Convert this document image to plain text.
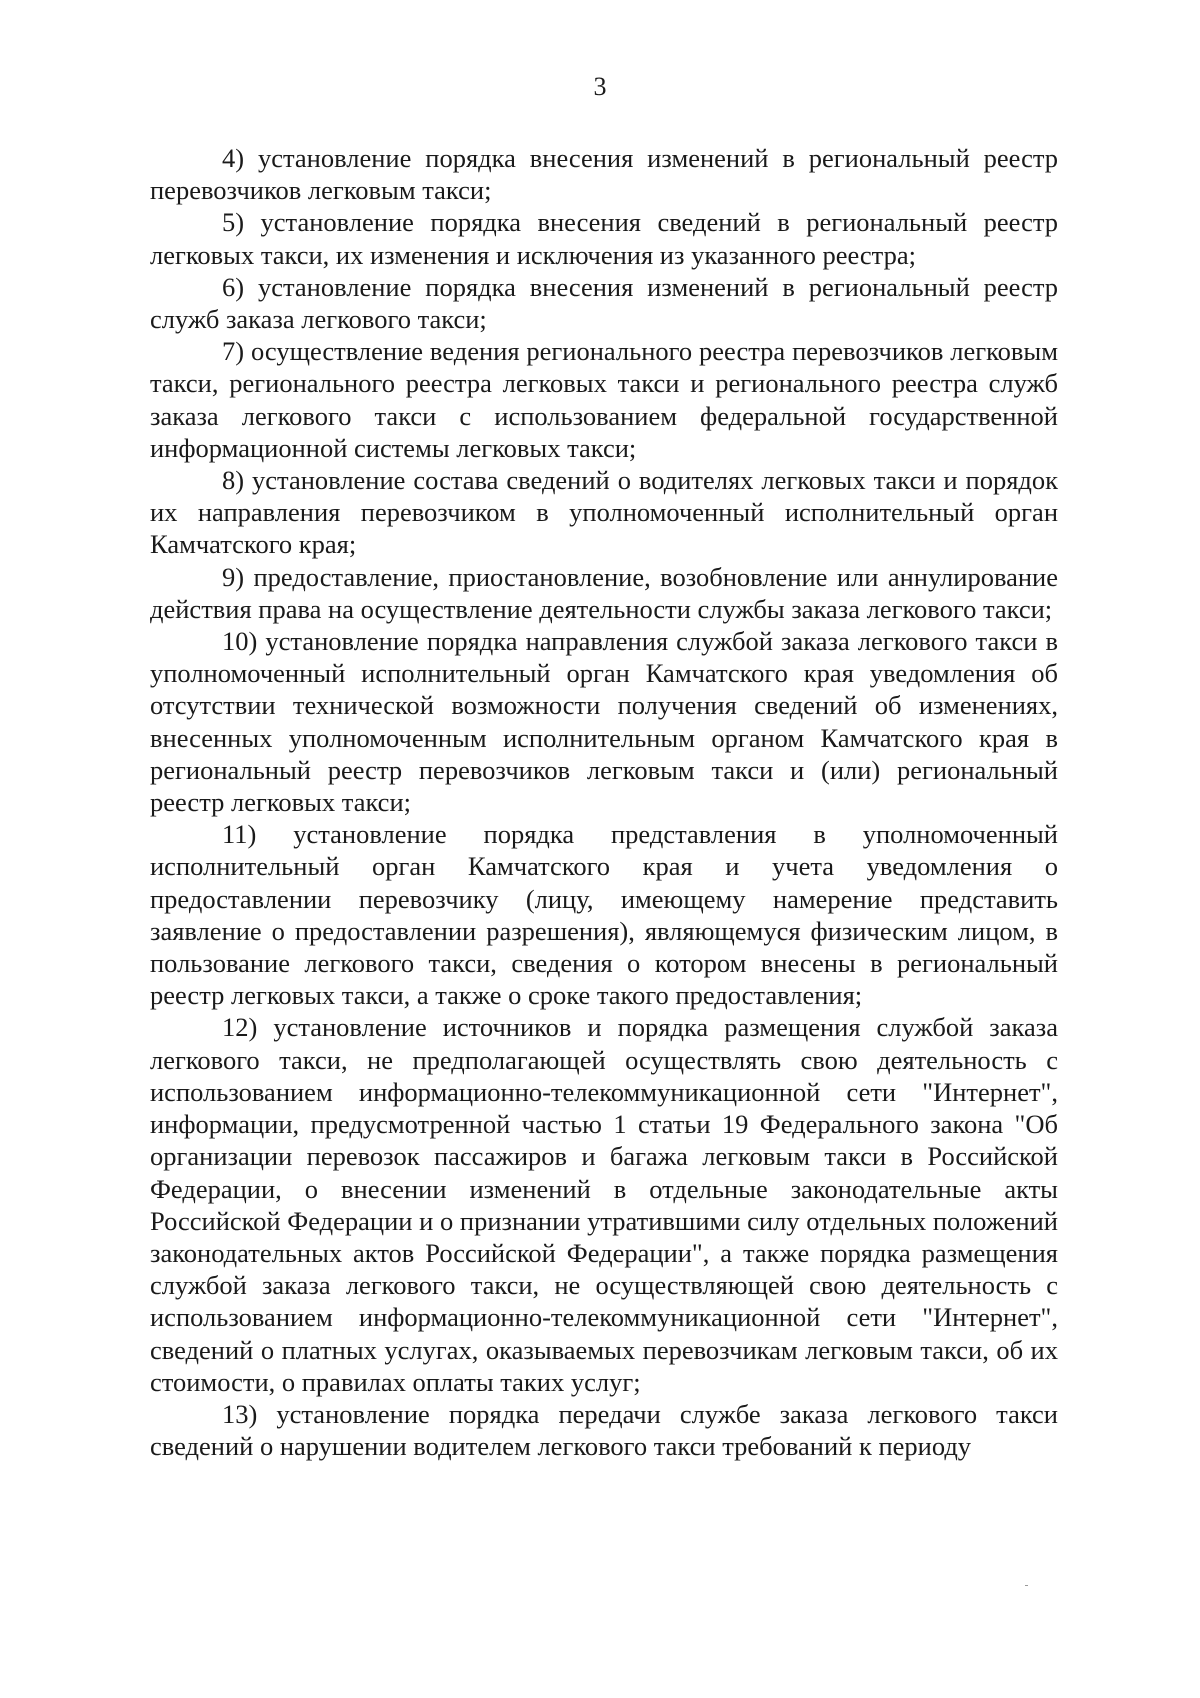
3

4) установление порядка внесения изменений в региональный реестр перевозчиков легковым такси;

5) установление порядка внесения сведений в региональный реестр легковых такси, их изменения и исключения из указанного реестра;

6) установление порядка внесения изменений в региональный реестр служб заказа легкового такси;

7) осуществление ведения регионального реестра перевозчиков легковым такси, регионального реестра легковых такси и регионального реестра служб заказа легкового такси с использованием федеральной государственной информационной системы легковых такси;

8) установление состава сведений о водителях легковых такси и порядок их направления перевозчиком в уполномоченный исполнительный орган Камчатского края;

9) предоставление, приостановление, возобновление или аннулирование действия права на осуществление деятельности службы заказа легкового такси;

10) установление порядка направления службой заказа легкового такси в уполномоченный исполнительный орган Камчатского края уведомления об отсутствии технической возможности получения сведений об изменениях, внесенных уполномоченным исполнительным органом Камчатского края в региональный реестр перевозчиков легковым такси и (или) региональный реестр легковых такси;

11) установление порядка представления в уполномоченный исполнительный орган Камчатского края и учета уведомления о предоставлении перевозчику (лицу, имеющему намерение представить заявление о предоставлении разрешения), являющемуся физическим лицом, в пользование легкового такси, сведения о котором внесены в региональный реестр легковых такси, а также о сроке такого предоставления;

12) установление источников и порядка размещения службой заказа легкового такси, не предполагающей осуществлять свою деятельность с использованием информационно-телекоммуникационной сети "Интернет", информации, предусмотренной частью 1 статьи 19 Федерального закона "Об организации перевозок пассажиров и багажа легковым такси в Российской Федерации, о внесении изменений в отдельные законодательные акты Российской Федерации и о признании утратившими силу отдельных положений законодательных актов Российской Федерации", а также порядка размещения службой заказа легкового такси, не осуществляющей свою деятельность с использованием информационно-телекоммуникационной сети "Интернет", сведений о платных услугах, оказываемых перевозчикам легковым такси, об их стоимости, о правилах оплаты таких услуг;

13) установление порядка передачи службе заказа легкового такси сведений о нарушении водителем легкового такси требований к периоду
